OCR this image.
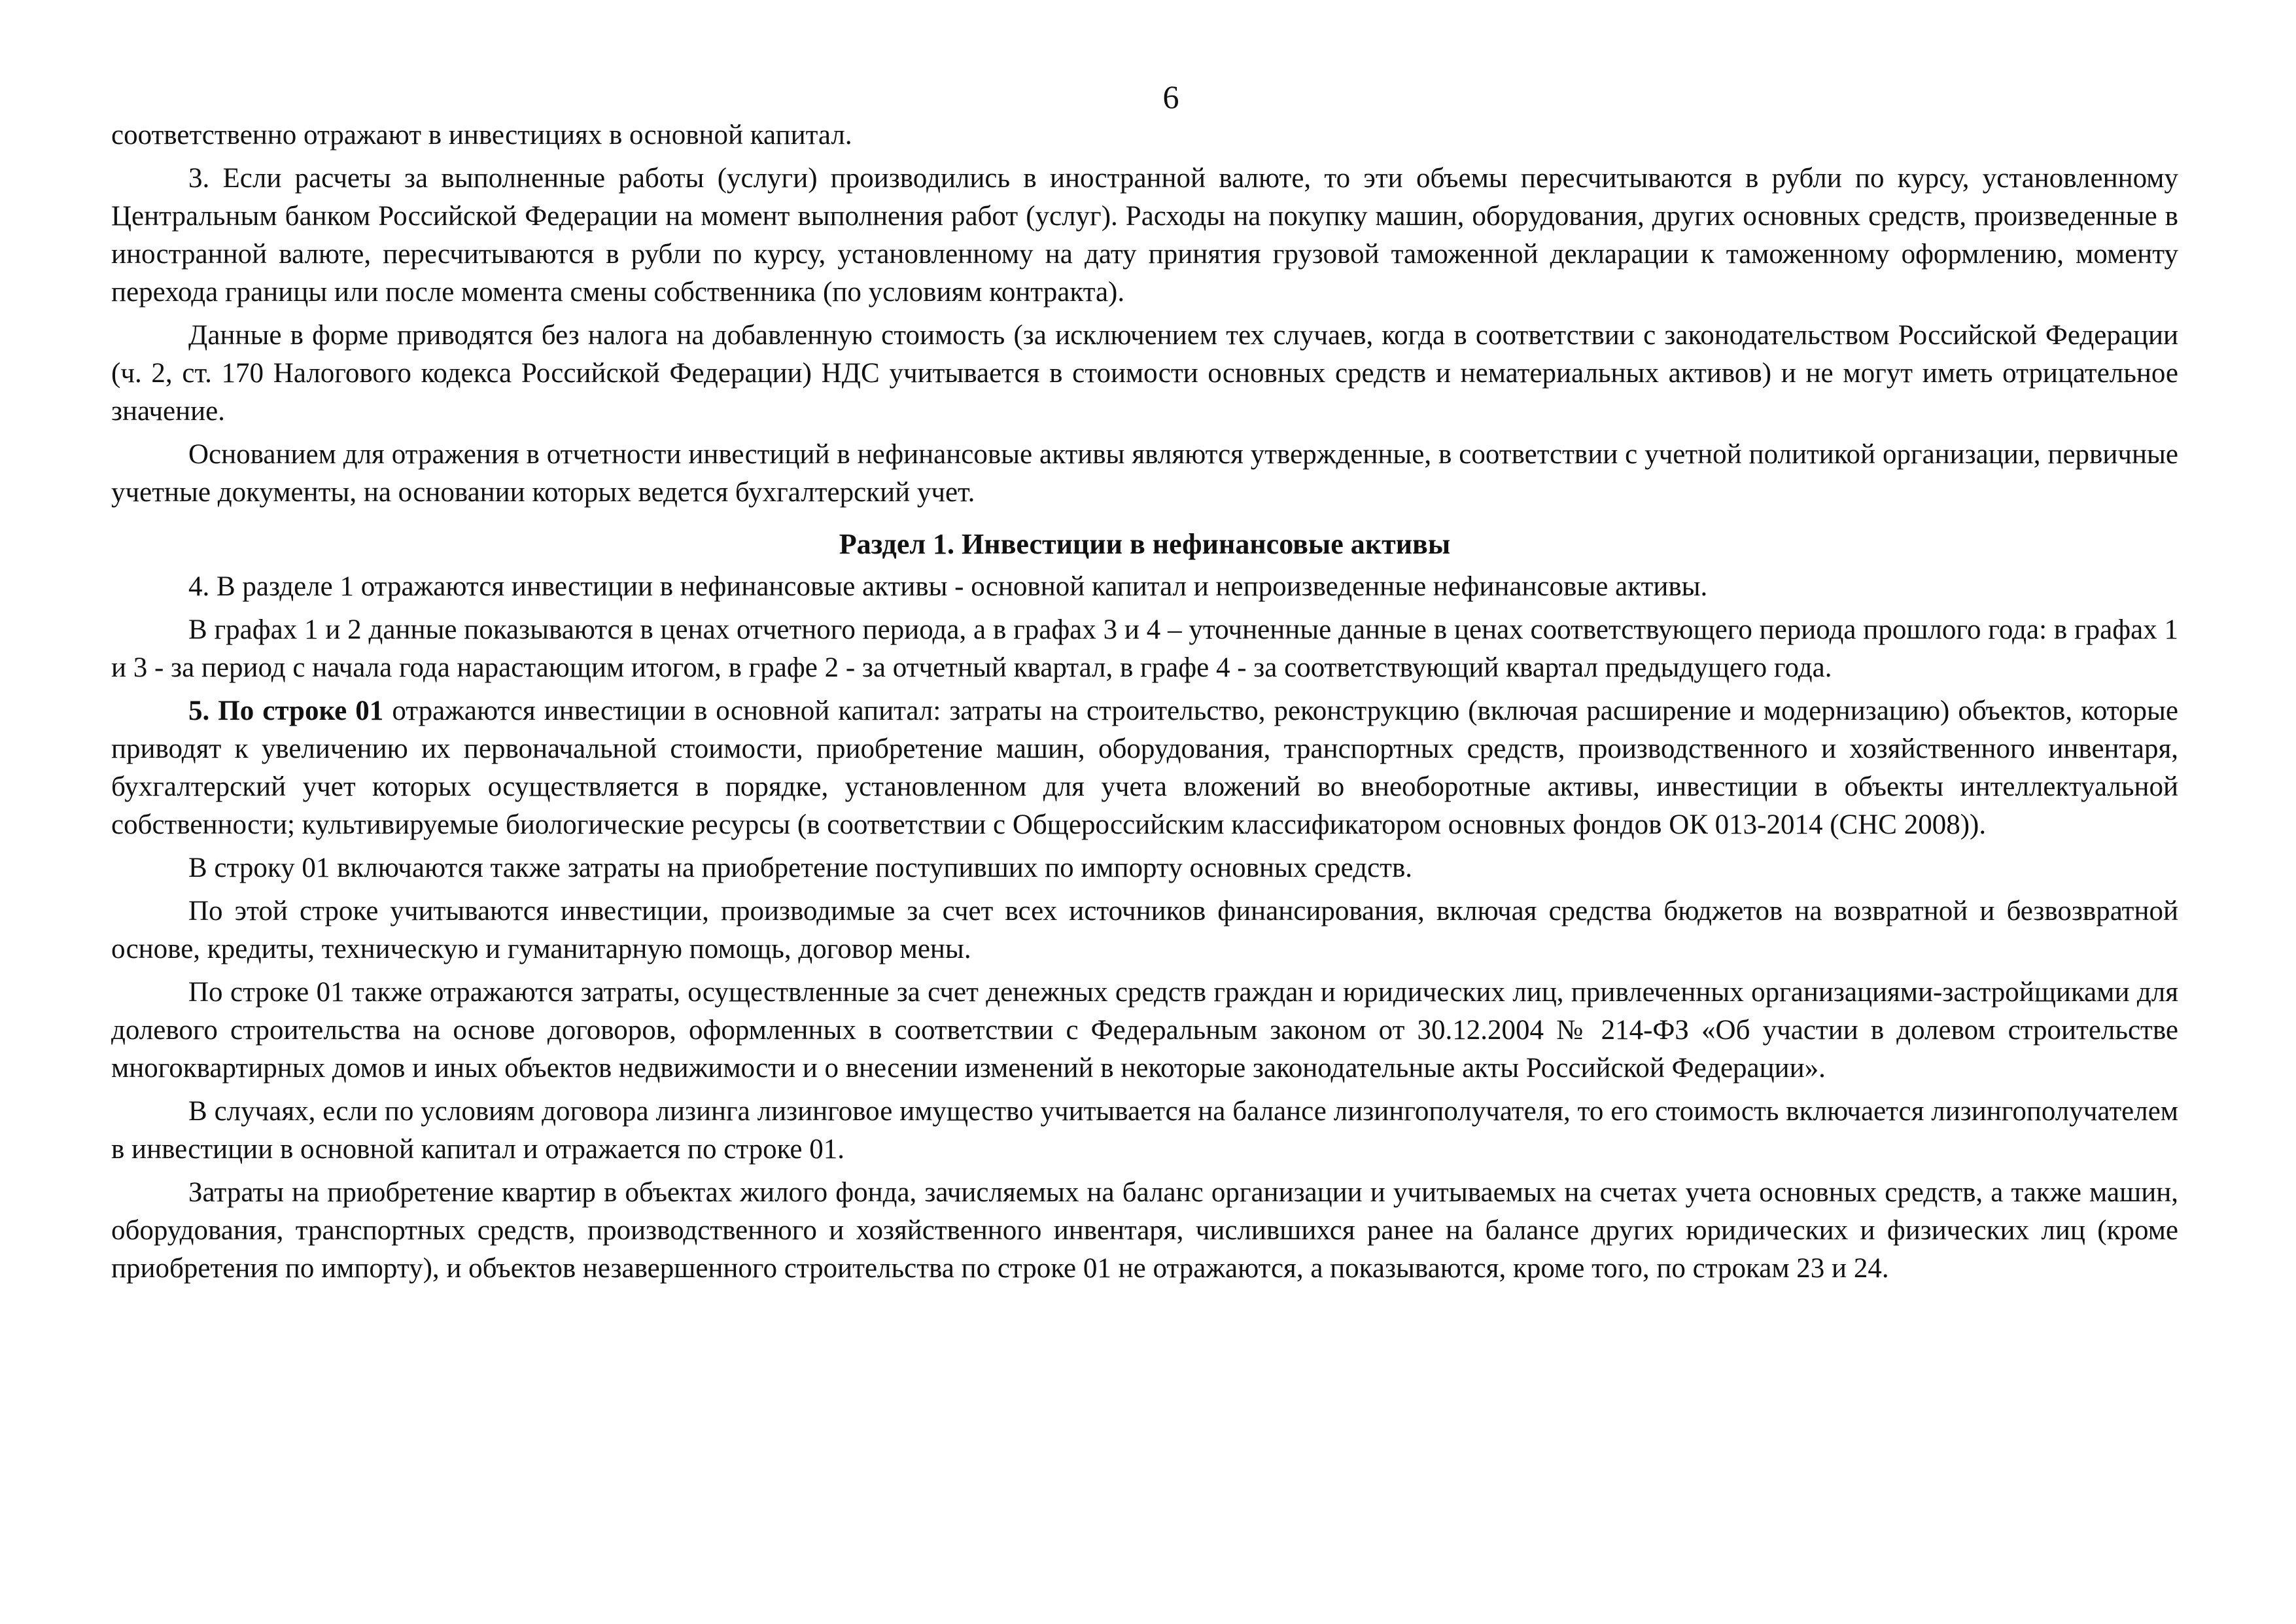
6

соответственно отражают в инвестициях в основной капитал.

3. Если расчеты за выполненные работы (услуги) производились в иностранной валюте, то эти объемы пересчитываются в рубли по курсу, установленному Центральным банком Российской Федерации на момент выполнения работ (услуг). Расходы на покупку машин, оборудования, других основных средств, произведенные в иностранной валюте, пересчитываются в рубли по курсу, установленному на дату принятия грузовой таможенной декларации к таможенному оформлению, моменту перехода границы или после момента смены собственника (по условиям контракта).

Данные в форме приводятся без налога на добавленную стоимость (за исключением тех случаев, когда в соответствии с законодательством Российской Федерации (ч. 2, ст. 170 Налогового кодекса Российской Федерации) НДС учитывается в стоимости основных средств и нематериальных активов) и не могут иметь отрицательное значение.

Основанием для отражения в отчетности инвестиций в нефинансовые активы являются утвержденные, в соответствии с учетной политикой организации, первичные учетные документы, на основании которых ведется бухгалтерский учет.

Раздел 1. Инвестиции в нефинансовые активы

4. В разделе 1 отражаются инвестиции в нефинансовые активы - основной капитал и непроизведенные нефинансовые активы.

В графах 1 и 2 данные показываются в ценах отчетного периода, а в графах 3 и 4 – уточненные данные в ценах соответствующего периода прошлого года: в графах 1 и 3 - за период с начала года нарастающим итогом, в графе 2 - за отчетный квартал, в графе 4 - за соответствующий квартал предыдущего года.

5. По строке 01 отражаются инвестиции в основной капитал: затраты на строительство, реконструкцию (включая расширение и модернизацию) объектов, которые приводят к увеличению их первоначальной стоимости, приобретение машин, оборудования, транспортных средств, производственного и хозяйственного инвентаря, бухгалтерский учет которых осуществляется в порядке, установленном для учета вложений во внеоборотные активы, инвестиции в объекты интеллектуальной собственности; культивируемые биологические ресурсы (в соответствии с Общероссийским классификатором основных фондов ОК 013-2014 (СНС 2008)).

В строку 01 включаются также затраты на приобретение поступивших по импорту основных средств.

По этой строке учитываются инвестиции, производимые за счет всех источников финансирования, включая средства бюджетов на возвратной и безвозвратной основе, кредиты, техническую и гуманитарную помощь, договор мены.

По строке 01 также отражаются затраты, осуществленные за счет денежных средств граждан и юридических лиц, привлеченных организациями-застройщиками для долевого строительства на основе договоров, оформленных в соответствии с Федеральным законом от 30.12.2004 № 214-ФЗ «Об участии в долевом строительстве многоквартирных домов и иных объектов недвижимости и о внесении изменений в некоторые законодательные акты Российской Федерации».

В случаях, если по условиям договора лизинга лизинговое имущество учитывается на балансе лизингополучателя, то его стоимость включается лизингополучателем в инвестиции в основной капитал и отражается по строке 01.

Затраты на приобретение квартир в объектах жилого фонда, зачисляемых на баланс организации и учитываемых на счетах учета основных средств, а также машин, оборудования, транспортных средств, производственного и хозяйственного инвентаря, числившихся ранее на балансе других юридических и физических лиц (кроме приобретения по импорту), и объектов незавершенного строительства по строке 01 не отражаются, а показываются, кроме того, по строкам 23 и 24.
